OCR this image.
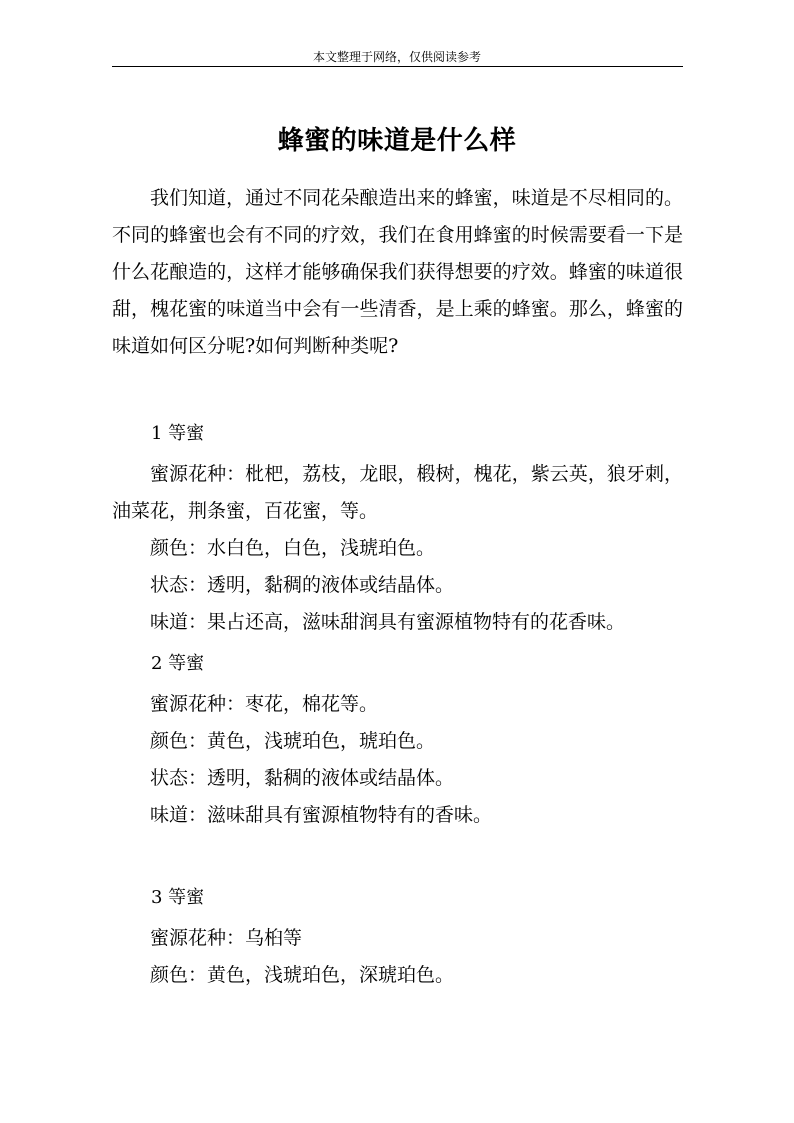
本文整理于网络，仅供阅读参考
蜂蜜的味道是什么样

我们知道，通过不同花朵酿造出来的蜂蜜，味道是不尽相同的。不同的蜂蜜也会有不同的疗效，我们在食用蜂蜜的时候需要看一下是什么花酿造的，这样才能够确保我们获得想要的疗效。蜂蜜的味道很甜，槐花蜜的味道当中会有一些清香，是上乘的蜂蜜。那么，蜂蜜的味道如何区分呢?如何判断种类呢?

1 等蜜

蜜源花种：枇杷，荔枝，龙眼，椴树，槐花，紫云英，狼牙刺，油菜花，荆条蜜，百花蜜，等。

颜色：水白色，白色，浅琥珀色。

状态：透明，黏稠的液体或结晶体。

味道：果占还高，滋味甜润具有蜜源植物特有的花香味。

2 等蜜

蜜源花种：枣花，棉花等。

颜色：黄色，浅琥珀色，琥珀色。

状态：透明，黏稠的液体或结晶体。

味道：滋味甜具有蜜源植物特有的香味。

3 等蜜

蜜源花种：乌桕等

颜色：黄色，浅琥珀色，深琥珀色。
